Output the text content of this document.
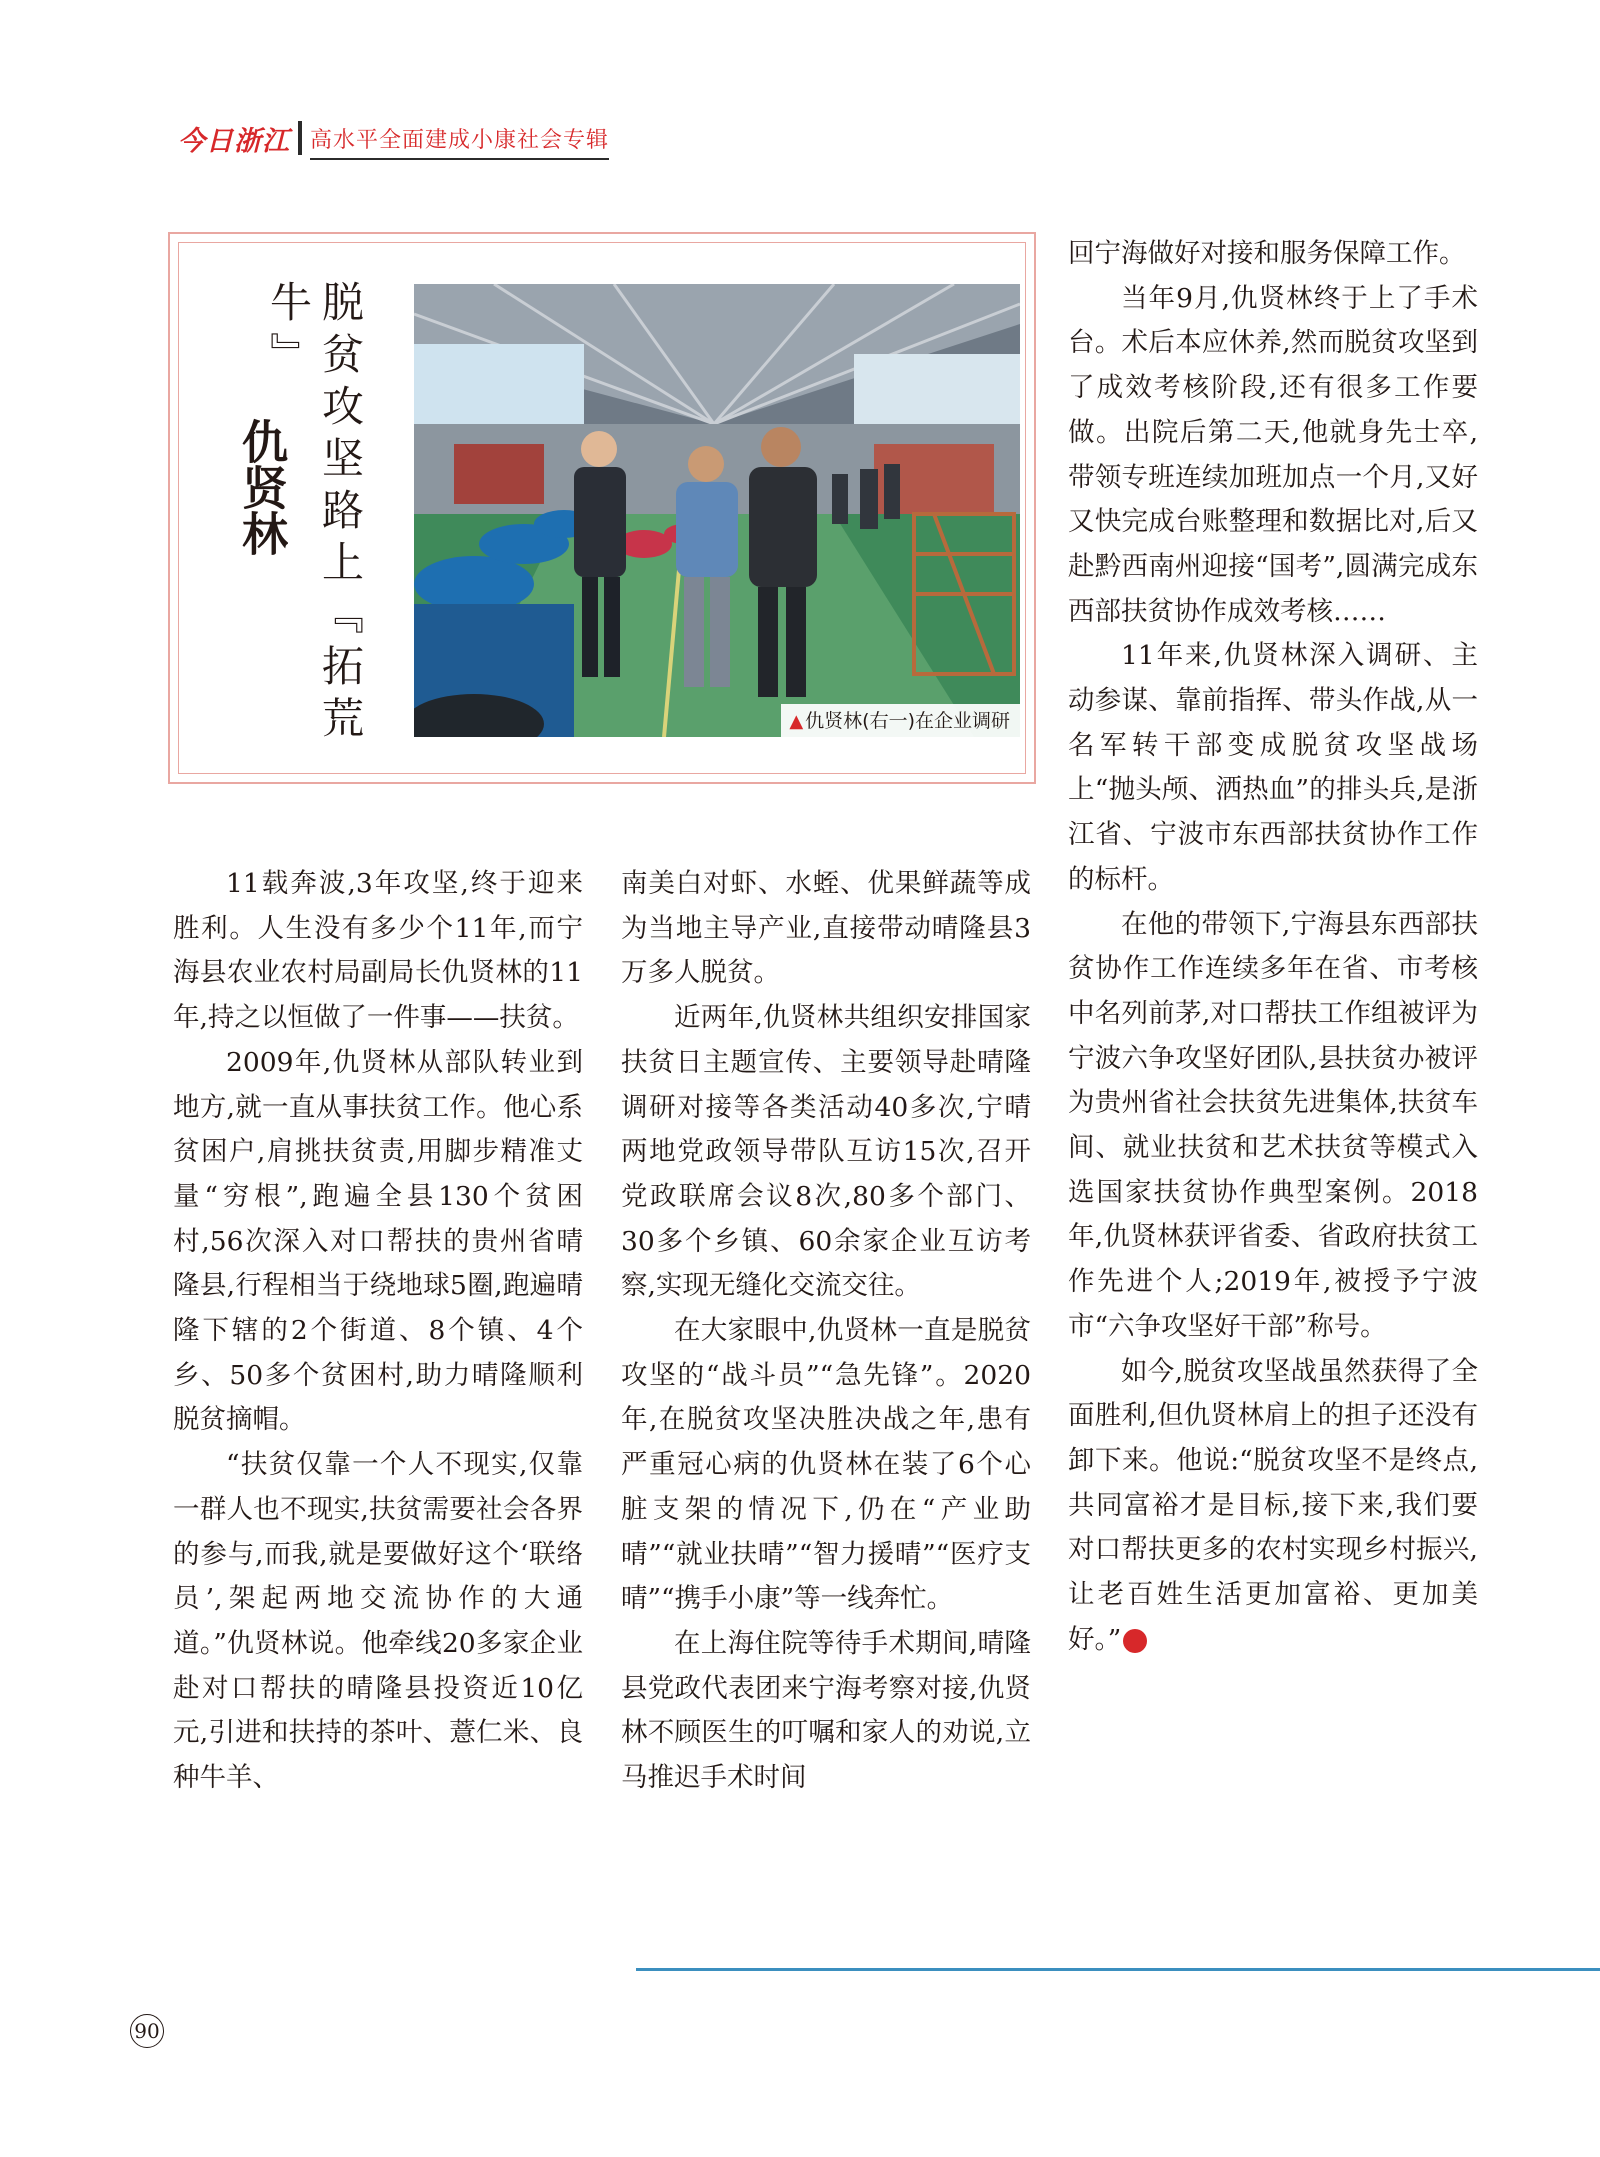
今日浙江 高水平全面建成小康社会专辑
仇贤林 脱贫攻坚路上『拓荒牛』
▲ 仇贤林(右一)在企业调研

11载奔波,3年攻坚,终于迎来胜利。人生没有多少个11年,而宁海县农业农村局副局长仇贤林的11年,持之以恒做了一件事——扶贫。

2009年,仇贤林从部队转业到地方,就一直从事扶贫工作。他心系贫困户,肩挑扶贫责,用脚步精准丈量“穷根”,跑遍全县130个贫困村,56次深入对口帮扶的贵州省晴隆县,行程相当于绕地球5圈,跑遍晴隆下辖的2个街道、8个镇、4个乡、50多个贫困村,助力晴隆顺利脱贫摘帽。

“扶贫仅靠一个人不现实,仅靠一群人也不现实,扶贫需要社会各界的参与,而我,就是要做好这个‘联络员’,架起两地交流协作的大通道。”仇贤林说。他牵线20多家企业赴对口帮扶的晴隆县投资近10亿元,引进和扶持的茶叶、薏仁米、良种牛羊、

南美白对虾、水蛭、优果鲜蔬等成为当地主导产业,直接带动晴隆县3万多人脱贫。

近两年,仇贤林共组织安排国家扶贫日主题宣传、主要领导赴晴隆调研对接等各类活动40多次,宁晴两地党政领导带队互访15次,召开党政联席会议8次,80多个部门、30多个乡镇、60余家企业互访考察,实现无缝化交流交往。

在大家眼中,仇贤林一直是脱贫攻坚的“战斗员”“急先锋”。2020年,在脱贫攻坚决胜决战之年,患有严重冠心病的仇贤林在装了6个心脏支架的情况下,仍在“产业助晴”“就业扶晴”“智力援晴”“医疗支晴”“携手小康”等一线奔忙。

在上海住院等待手术期间,晴隆县党政代表团来宁海考察对接,仇贤林不顾医生的叮嘱和家人的劝说,立马推迟手术时间

回宁海做好对接和服务保障工作。

当年9月,仇贤林终于上了手术台。术后本应休养,然而脱贫攻坚到了成效考核阶段,还有很多工作要做。出院后第二天,他就身先士卒,带领专班连续加班加点一个月,又好又快完成台账整理和数据比对,后又赴黔西南州迎接“国考”,圆满完成东西部扶贫协作成效考核……

11年来,仇贤林深入调研、主动参谋、靠前指挥、带头作战,从一名军转干部变成脱贫攻坚战场上“抛头颅、洒热血”的排头兵,是浙江省、宁波市东西部扶贫协作工作的标杆。

在他的带领下,宁海县东西部扶贫协作工作连续多年在省、市考核中名列前茅,对口帮扶工作组被评为宁波六争攻坚好团队,县扶贫办被评为贵州省社会扶贫先进集体,扶贫车间、就业扶贫和艺术扶贫等模式入选国家扶贫协作典型案例。2018年,仇贤林获评省委、省政府扶贫工作先进个人;2019年,被授予宁波市“六争攻坚好干部”称号。

如今,脱贫攻坚战虽然获得了全面胜利,但仇贤林肩上的担子还没有卸下来。他说:“脱贫攻坚不是终点,共同富裕才是目标,接下来,我们要对口帮扶更多的农村实现乡村振兴,让老百姓生活更加富裕、更加美好。”	今

90
